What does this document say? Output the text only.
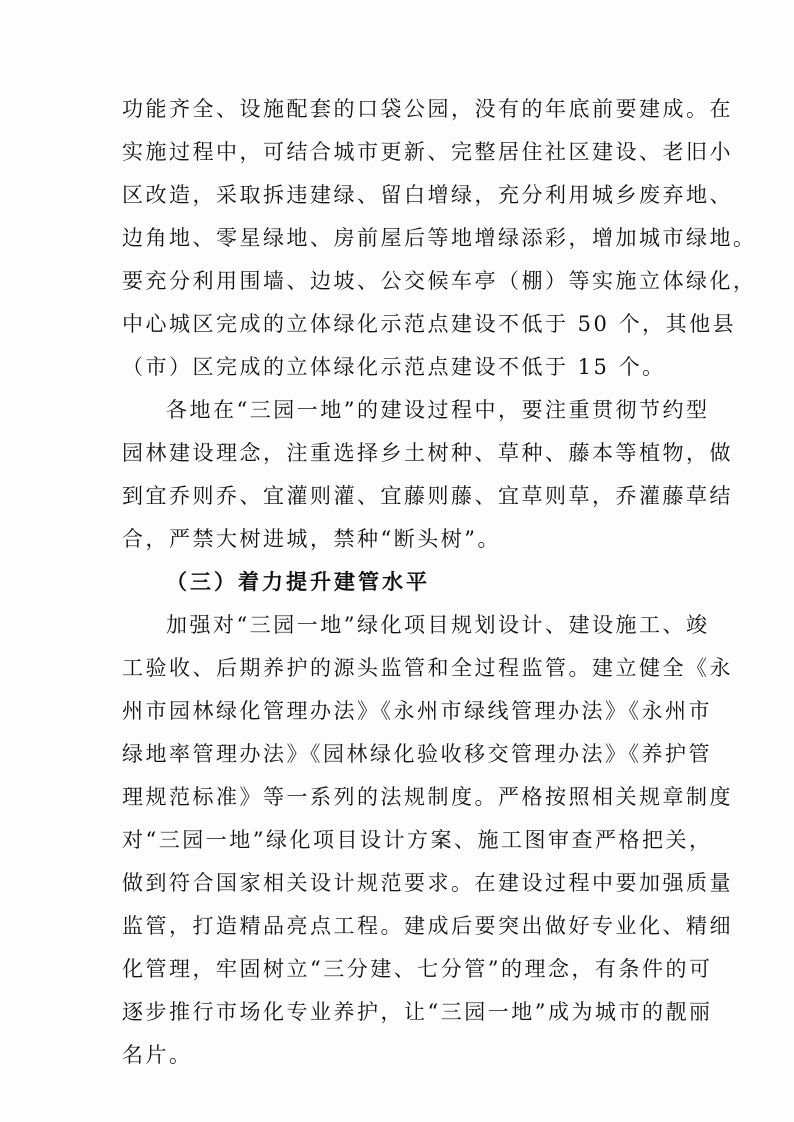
功能齐全、设施配套的口袋公园，没有的年底前要建成。在
实施过程中，可结合城市更新、完整居住社区建设、老旧小
区改造，采取拆违建绿、留白增绿，充分利用城乡废弃地、
边角地、零星绿地、房前屋后等地增绿添彩，增加城市绿地。
要充分利用围墙、边坡、公交候车亭（棚）等实施立体绿化，
中心城区完成的立体绿化示范点建设不低于 50 个，其他县
（市）区完成的立体绿化示范点建设不低于 15 个。

各地在“三园一地”的建设过程中，要注重贯彻节约型
园林建设理念，注重选择乡土树种、草种、藤本等植物，做
到宜乔则乔、宜灌则灌、宜藤则藤、宜草则草，乔灌藤草结
合，严禁大树进城，禁种“断头树”。

（三）着力提升建管水平

加强对“三园一地”绿化项目规划设计、建设施工、竣
工验收、后期养护的源头监管和全过程监管。建立健全《永
州市园林绿化管理办法》《永州市绿线管理办法》《永州市
绿地率管理办法》《园林绿化验收移交管理办法》《养护管
理规范标准》等一系列的法规制度。严格按照相关规章制度
对“三园一地”绿化项目设计方案、施工图审查严格把关，
做到符合国家相关设计规范要求。在建设过程中要加强质量
监管，打造精品亮点工程。建成后要突出做好专业化、精细
化管理，牢固树立“三分建、七分管”的理念，有条件的可
逐步推行市场化专业养护，让“三园一地”成为城市的靓丽
名片。
